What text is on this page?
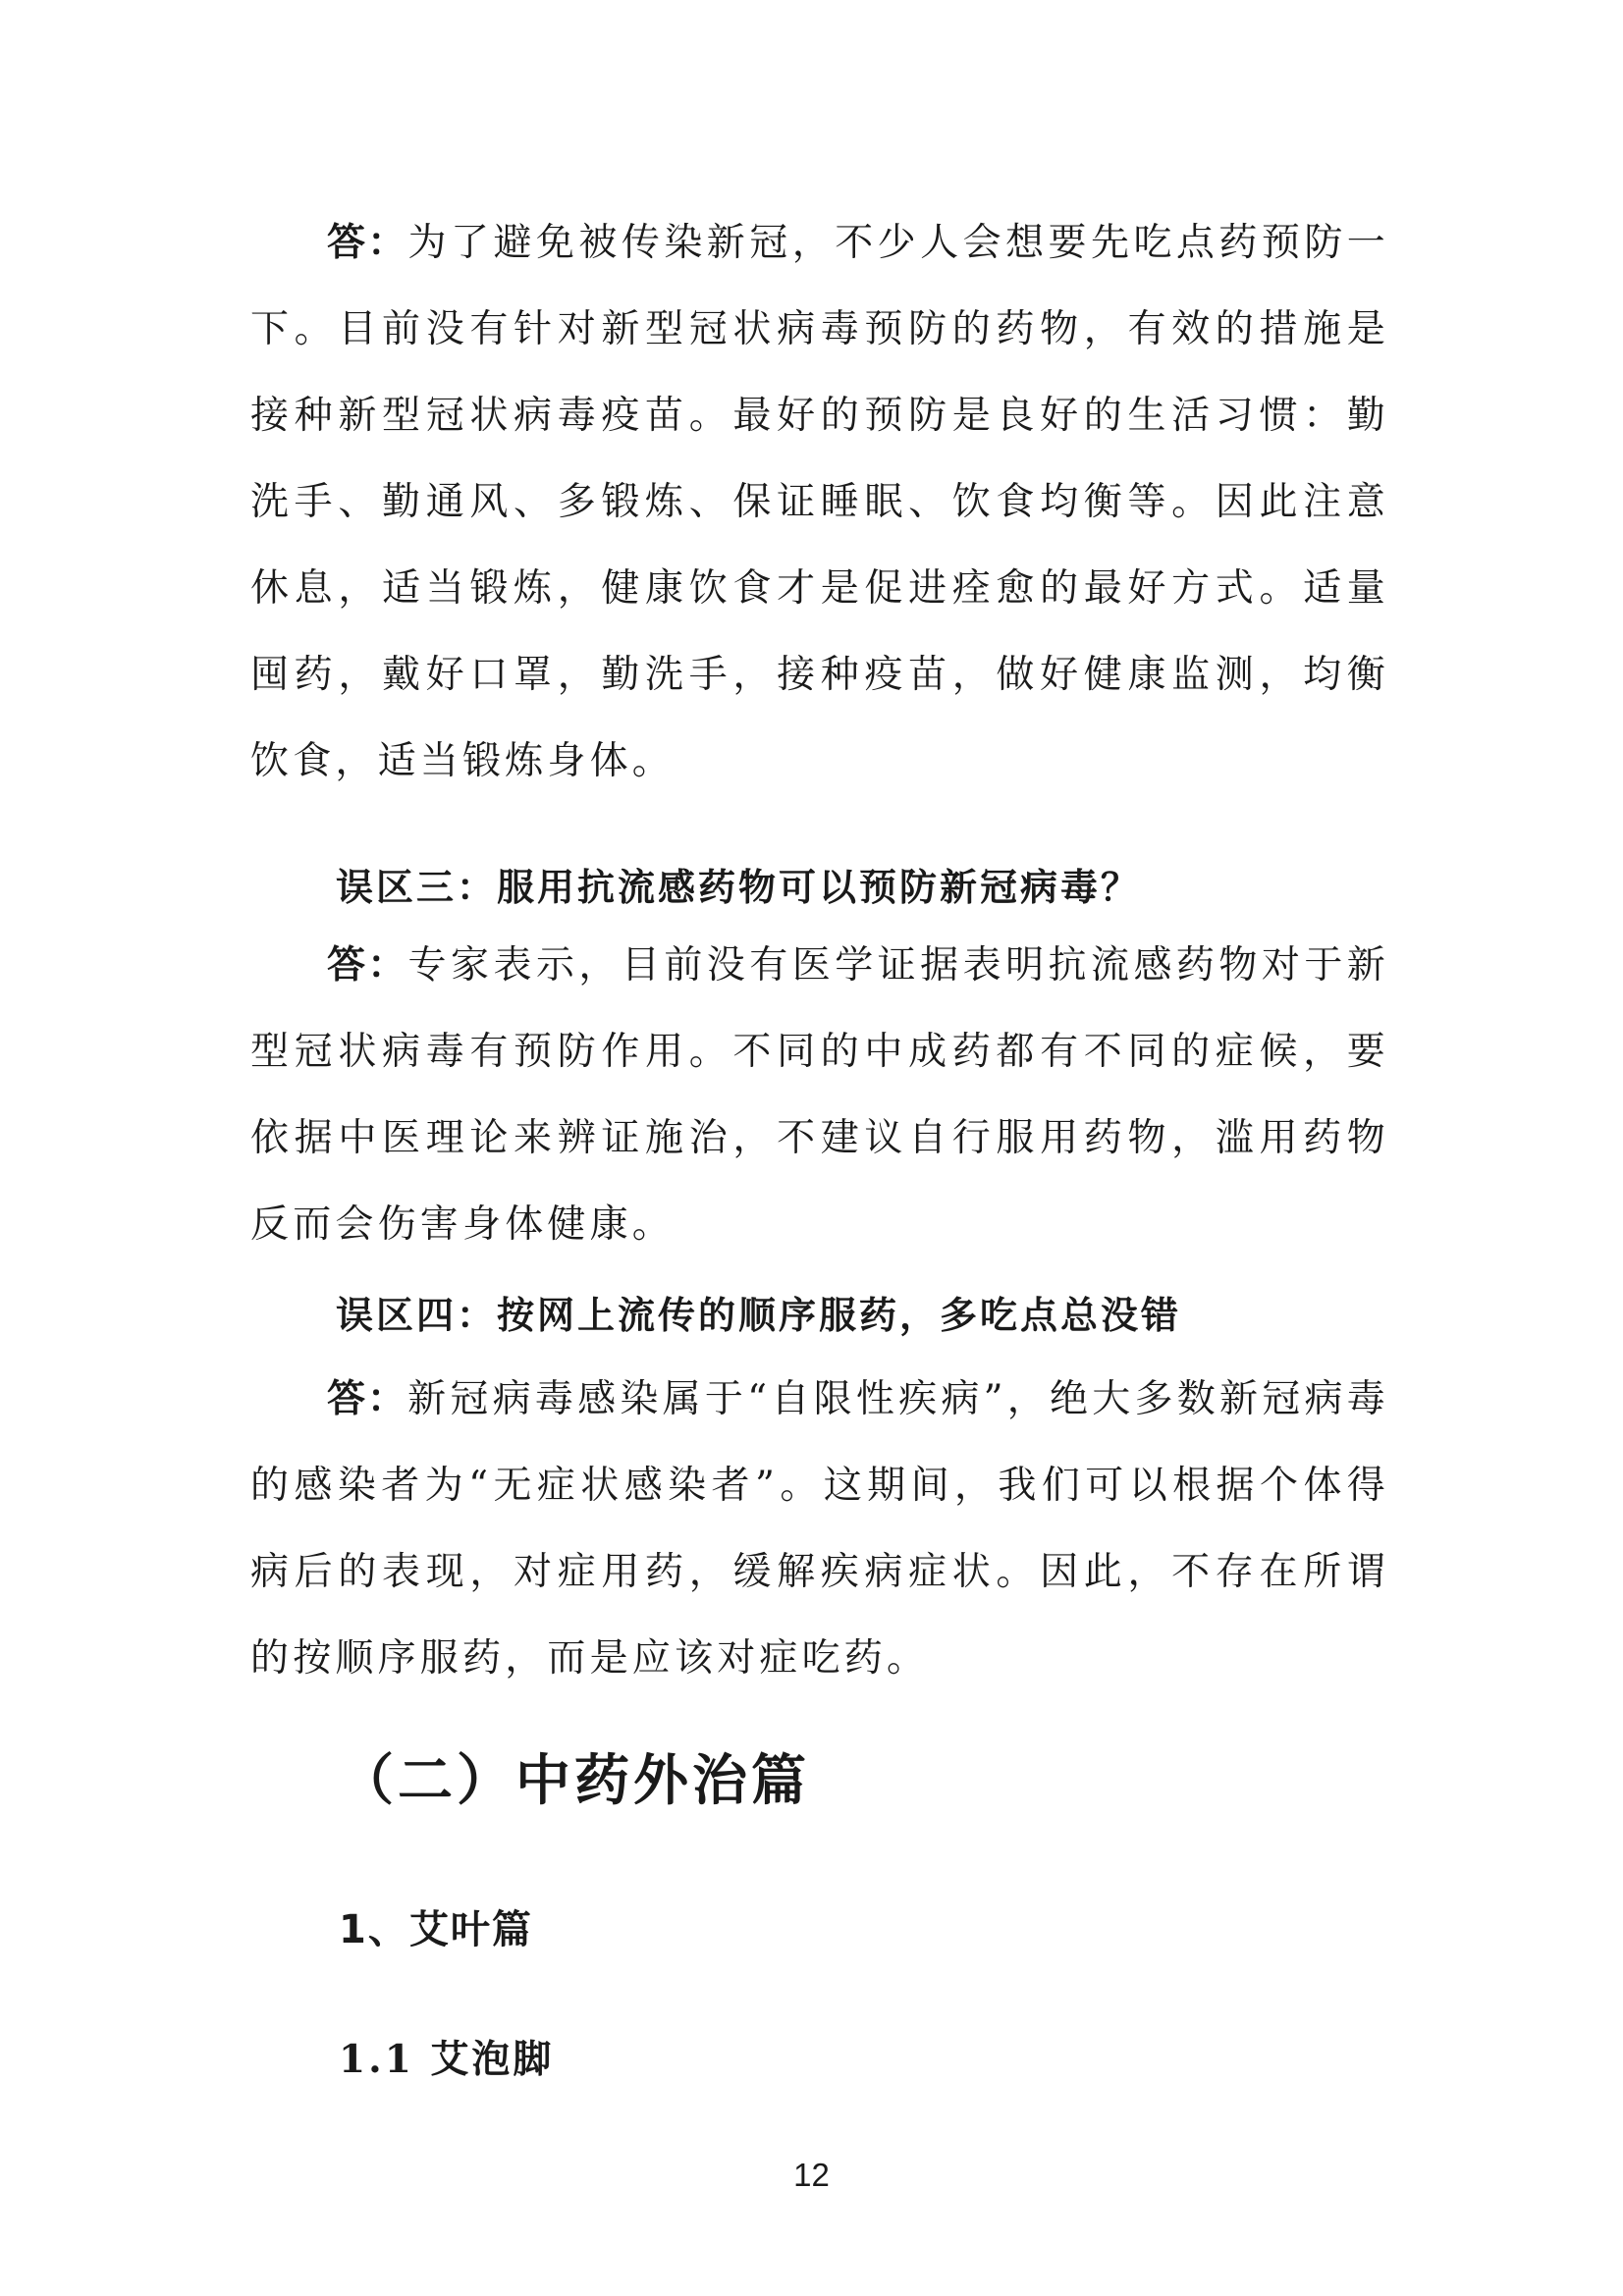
答：为了避免被传染新冠，不少人会想要先吃点药预防一下。目前没有针对新型冠状病毒预防的药物，有效的措施是接种新型冠状病毒疫苗。最好的预防是良好的生活习惯：勤洗手、勤通风、多锻炼、保证睡眠、饮食均衡等。因此注意休息，适当锻炼，健康饮食才是促进痊愈的最好方式。适量囤药，戴好口罩，勤洗手，接种疫苗，做好健康监测，均衡饮食，适当锻炼身体。

误区三：服用抗流感药物可以预防新冠病毒？

答：专家表示，目前没有医学证据表明抗流感药物对于新型冠状病毒有预防作用。不同的中成药都有不同的症候，要依据中医理论来辨证施治，不建议自行服用药物，滥用药物反而会伤害身体健康。

误区四：按网上流传的顺序服药，多吃点总没错

答：新冠病毒感染属于“自限性疾病”，绝大多数新冠病毒的感染者为“无症状感染者”。这期间，我们可以根据个体得病后的表现，对症用药，缓解疾病症状。因此，不存在所谓的按顺序服药，而是应该对症吃药。

（二）中药外治篇
1、艾叶篇
1.1 艾泡脚
12
